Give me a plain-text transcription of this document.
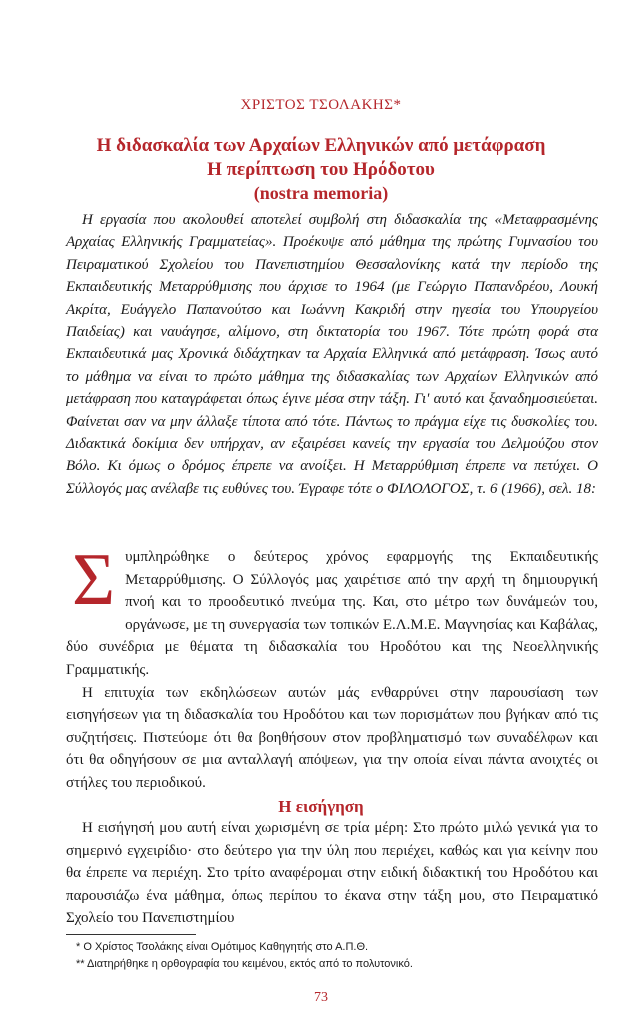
ΧΡΙΣΤΟΣ ΤΣΟΛΑΚΗΣ*
Η διδασκαλία των Αρχαίων Ελληνικών από μετάφραση
Η περίπτωση του Ηρόδοτου
(nostra memoria)

Η εργασία που ακολουθεί αποτελεί συμβολή στη διδασκαλία της «Μεταφρασμένης Αρχαίας Ελληνικής Γραμματείας». Προέκυψε από μάθημα της πρώτης Γυμνασίου του Πειραματικού Σχολείου του Πανεπιστημίου Θεσσαλονίκης κατά την περίοδο της Εκπαιδευτικής Μεταρρύθμισης που άρχισε το 1964 (με Γεώργιο Παπανδρέου, Λουκή Ακρίτα, Ευάγγελο Παπανούτσο και Ιωάννη Κακριδή στην ηγεσία του Υπουργείου Παιδείας) και ναυάγησε, αλίμονο, στη δικτατορία του 1967. Τότε πρώτη φορά στα Εκπαιδευτικά μας Χρονικά διδάχτηκαν τα Αρχαία Ελληνικά από μετάφραση. Ίσως αυτό το μάθημα να είναι το πρώτο μάθημα της διδασκαλίας των Αρχαίων Ελληνικών από μετάφραση που καταγράφεται όπως έγινε μέσα στην τάξη. Γι' αυτό και ξαναδημοσιεύεται. Φαίνεται σαν να μην άλλαξε τίποτα από τότε. Πάντως το πράγμα είχε τις δυσκολίες του. Διδακτικά δοκίμια δεν υπήρχαν, αν εξαιρέσει κανείς την εργασία του Δελμούζου στον Βόλο. Κι όμως ο δρόμος έπρεπε να ανοίξει. Η Μεταρρύθμιση έπρεπε να πετύχει. Ο Σύλλογός μας ανέλαβε τις ευθύνες του. Έγραφε τότε ο ΦΙΛΟΛΟΓΟΣ, τ. 6 (1966), σελ. 18:

Συμπληρώθηκε ο δεύτερος χρόνος εφαρμογής της Εκπαιδευτικής Μεταρρύθμισης. Ο Σύλλογός μας χαιρέτισε από την αρχή τη δημιουργική πνοή και το προοδευτικό πνεύμα της. Και, στο μέτρο των δυνάμεών του, οργάνωσε, με τη συνεργασία των τοπικών Ε.Λ.Μ.Ε. Μαγνησίας και Καβάλας, δύο συνέδρια με θέματα τη διδασκαλία του Ηροδότου και της Νεοελληνικής Γραμματικής.

Η επιτυχία των εκδηλώσεων αυτών μάς ενθαρρύνει στην παρουσίαση των εισηγήσεων για τη διδασκαλία του Ηροδότου και των πορισμάτων που βγήκαν από τις συζητήσεις. Πιστεύομε ότι θα βοηθήσουν στον προβληματισμό των συναδέλφων και ότι θα οδηγήσουν σε μια ανταλλαγή απόψεων, για την οποία είναι πάντα ανοιχτές οι στήλες του περιοδικού.

Η εισήγηση

Η εισήγησή μου αυτή είναι χωρισμένη σε τρία μέρη: Στο πρώτο μιλώ γενικά για το σημερινό εγχειρίδιο· στο δεύτερο για την ύλη που περιέχει, καθώς και για κείνην που θα έπρεπε να περιέχη. Στο τρίτο αναφέρομαι στην ειδική διδακτική του Ηροδότου και παρουσιάζω ένα μάθημα, όπως περίπου το έκανα στην τάξη μου, στο Πειραματικό Σχολείο του Πανεπιστημίου

* Ο Χρίστος Τσολάκης είναι Ομότιμος Καθηγητής στο Α.Π.Θ.
** Διατηρήθηκε η ορθογραφία του κειμένου, εκτός από το πολυτονικό.
73
